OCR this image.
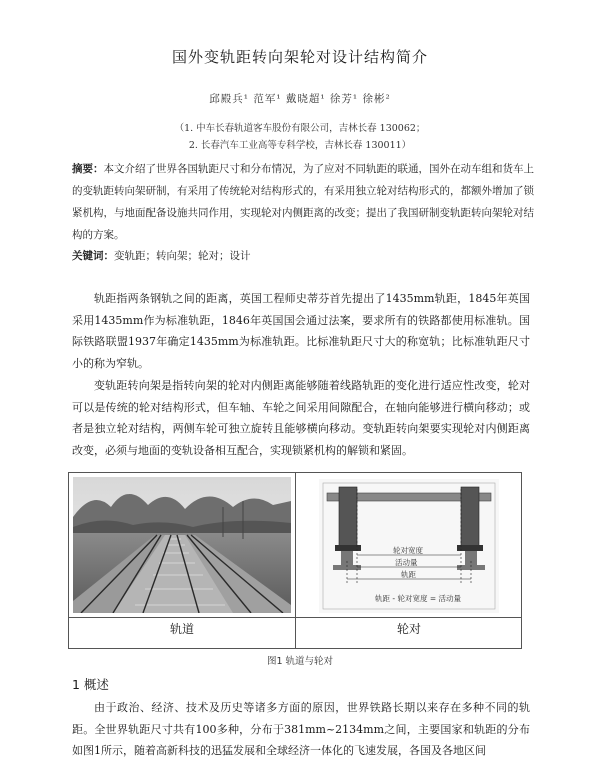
国外变轨距转向架轮对设计结构简介
邱殿兵¹ 范军¹ 戴晓超¹ 徐芳¹ 徐彬²
（1. 中车长春轨道客车股份有限公司，吉林长春 130062；
2. 长春汽车工业高等专科学校，吉林长春 130011）
摘要：本文介绍了世界各国轨距尺寸和分布情况，为了应对不同轨距的联通，国外在动车组和货车上的变轨距转向架研制，有采用了传统轮对结构形式的，有采用独立轮对结构形式的，都额外增加了锁紧机构，与地面配备设施共同作用，实现轮对内侧距离的改变；提出了我国研制变轨距转向架轮对结构的方案。
关键词：变轨距；转向架；轮对；设计
轨距指两条钢轨之间的距离，英国工程师史蒂芬首先提出了1435mm轨距，1845年英国采用1435mm作为标准轨距，1846年英国国会通过法案，要求所有的铁路都使用标准轨。国际铁路联盟1937年确定1435mm为标准轨距。比标准轨距尺寸大的称宽轨；比标准轨距尺寸小的称为窄轨。
变轨距转向架是指转向架的轮对内侧距离能够随着线路轨距的变化进行适应性改变，轮对可以是传统的轮对结构形式，但车轴、车轮之间采用间隙配合，在轴向能够进行横向移动；或者是独立轮对结构，两侧车轮可独立旋转且能够横向移动。变轨距转向架要实现轮对内侧距离改变，必须与地面的变轨设备相互配合，实现锁紧机构的解锁和紧固。
轮对宽度
活动量
轨距
轨距 - 轮对宽度 = 活动量
轨道	轮对
图1 轨道与轮对
1 概述
由于政治、经济、技术及历史等诸多方面的原因，世界铁路长期以来存在多种不同的轨距。全世界轨距尺寸共有100多种，分布于381mm~2134mm之间，主要国家和轨距的分布如图1所示，随着高新科技的迅猛发展和全球经济一体化的飞速发展，各国及各地区间
